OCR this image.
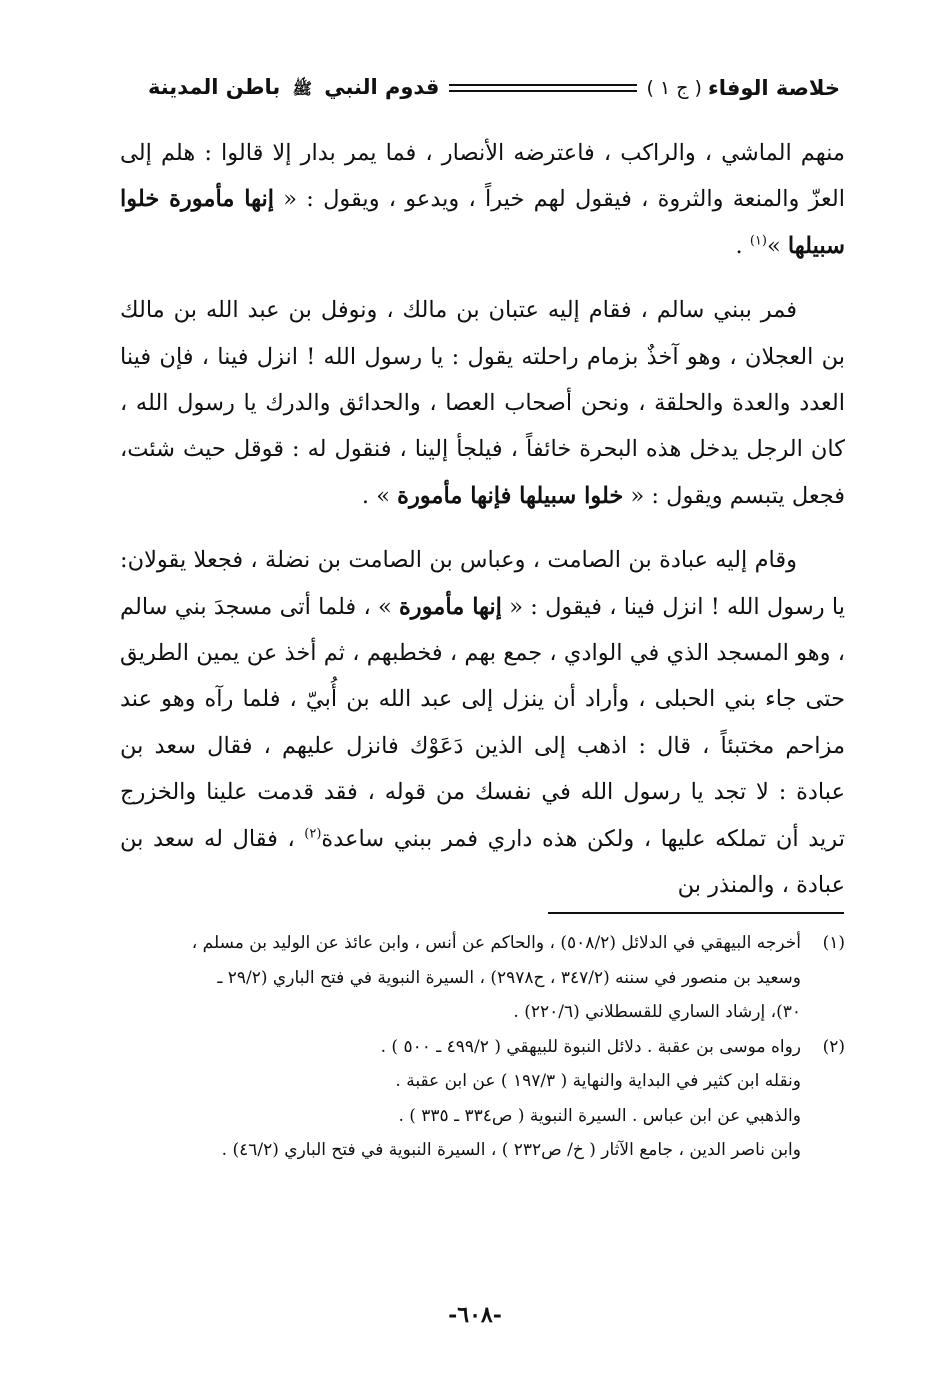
خلاصة الوفاء
( ج ١ )
قدوم النبي ﷺ باطن المدينة

منهم الماشي ، والراكب ، فاعترضه الأنصار ، فما يمر بدار إلا قالوا : هلم إلى العزّ والمنعة والثروة ، فيقول لهم خيراً ، ويدعو ، ويقول : « إنها مأمورة خلوا سبيلها »$^{(١)}$ .

فمر ببني سالم ، فقام إليه عتبان بن مالك ، ونوفل بن عبد الله بن مالك بن العجلان ، وهو آخذٌ بزمام راحلته يقول : يا رسول الله ! انزل فينا ، فإن فينا العدد والعدة والحلقة ، ونحن أصحاب العصا ، والحدائق والدرك يا رسول الله ، كان الرجل يدخل هذه البحرة خائفاً ، فيلجأ إلينا ، فنقول له : قوقل حيث شئت، فجعل يتبسم ويقول : « خلوا سبيلها فإنها مأمورة » .

وقام إليه عبادة بن الصامت ، وعباس بن الصامت بن نضلة ، فجعلا يقولان: يا رسول الله ! انزل فينا ، فيقول : « إنها مأمورة » ، فلما أتى مسجدَ بني سالم ، وهو المسجد الذي في الوادي ، جمع بهم ، فخطبهم ، ثم أخذ عن يمين الطريق حتى جاء بني الحبلى ، وأراد أن ينزل إلى عبد الله بن أُبيّ ، فلما رآه وهو عند مزاحم مختبئاً ، قال : اذهب إلى الذين دَعَوْك فانزل عليهم ، فقال سعد بن عبادة : لا تجد يا رسول الله في نفسك من قوله ، فقد قدمت علينا والخزرج تريد أن تملكه عليها ، ولكن هذه داري فمر ببني ساعدة$^{(٢)}$ ، فقال له سعد بن عبادة ، والمنذر بن

(١)
أخرجه البيهقي في الدلائل (٥٠٨/٢) ، والحاكم عن أنس ، وابن عائذ عن الوليد بن مسلم ،
وسعيد بن منصور في سننه (٣٤٧/٢ ، ح٢٩٧٨) ، السيرة النبوية في فتح الباري (٢٩/٢ ـ
٣٠)، إرشاد الساري للقسطلاني (٢٢٠/٦) .
(٢)
رواه موسى بن عقبة . دلائل النبوة للبيهقي ( ٤٩٩/٢ ـ ٥٠٠ ) .
ونقله ابن كثير في البداية والنهاية ( ١٩٧/٣ ) عن ابن عقبة .
والذهبي عن ابن عباس . السيرة النبوية ( ص٣٣٤ ـ ٣٣٥ ) .
وابن ناصر الدين ، جامع الآثار ( خ/ ص٢٣٢ ) ، السيرة النبوية في فتح الباري (٤٦/٢) .
-٦٠٨-
